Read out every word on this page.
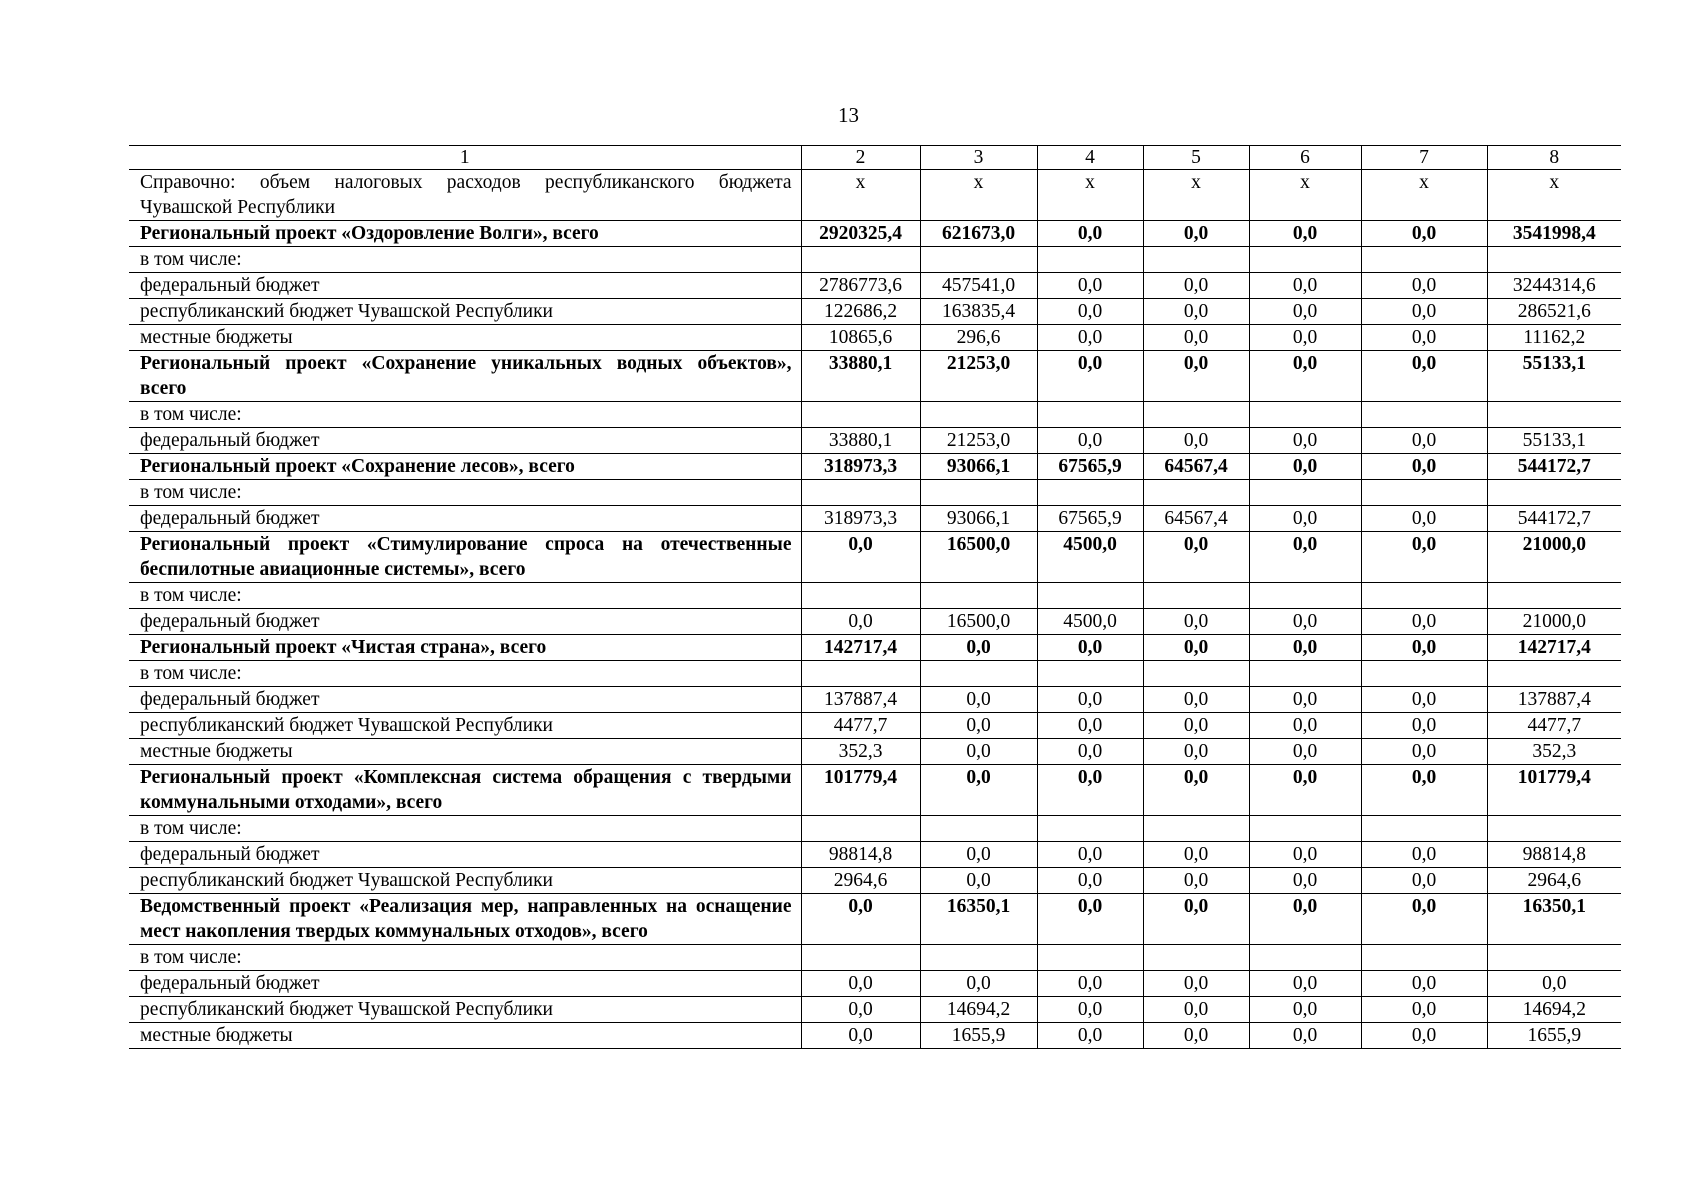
13
1	2	3	4	5	6	7	8
Справочно: объем налоговых расходов республиканского бюджета Чувашской Республики	х	х	х	х	х	х	х
Региональный проект «Оздоровление Волги», всего	2920325,4	621673,0	0,0	0,0	0,0	0,0	3541998,4
в том числе:							
федеральный бюджет	2786773,6	457541,0	0,0	0,0	0,0	0,0	3244314,6
республиканский бюджет Чувашской Республики	122686,2	163835,4	0,0	0,0	0,0	0,0	286521,6
местные бюджеты	10865,6	296,6	0,0	0,0	0,0	0,0	11162,2
Региональный проект «Сохранение уникальных водных объектов», всего	33880,1	21253,0	0,0	0,0	0,0	0,0	55133,1
в том числе:							
федеральный бюджет	33880,1	21253,0	0,0	0,0	0,0	0,0	55133,1
Региональный проект «Сохранение лесов», всего	318973,3	93066,1	67565,9	64567,4	0,0	0,0	544172,7
в том числе:							
федеральный бюджет	318973,3	93066,1	67565,9	64567,4	0,0	0,0	544172,7
Региональный проект «Стимулирование спроса на отечественные беспилотные авиационные системы», всего	0,0	16500,0	4500,0	0,0	0,0	0,0	21000,0
в том числе:							
федеральный бюджет	0,0	16500,0	4500,0	0,0	0,0	0,0	21000,0
Региональный проект «Чистая страна», всего	142717,4	0,0	0,0	0,0	0,0	0,0	142717,4
в том числе:							
федеральный бюджет	137887,4	0,0	0,0	0,0	0,0	0,0	137887,4
республиканский бюджет Чувашской Республики	4477,7	0,0	0,0	0,0	0,0	0,0	4477,7
местные бюджеты	352,3	0,0	0,0	0,0	0,0	0,0	352,3
Региональный проект «Комплексная система обращения с твердыми коммунальными отходами», всего	101779,4	0,0	0,0	0,0	0,0	0,0	101779,4
в том числе:							
федеральный бюджет	98814,8	0,0	0,0	0,0	0,0	0,0	98814,8
республиканский бюджет Чувашской Республики	2964,6	0,0	0,0	0,0	0,0	0,0	2964,6
Ведомственный проект «Реализация мер, направленных на оснащение мест накопления твердых коммунальных отходов», всего	0,0	16350,1	0,0	0,0	0,0	0,0	16350,1
в том числе:							
федеральный бюджет	0,0	0,0	0,0	0,0	0,0	0,0	0,0
республиканский бюджет Чувашской Республики	0,0	14694,2	0,0	0,0	0,0	0,0	14694,2
местные бюджеты	0,0	1655,9	0,0	0,0	0,0	0,0	1655,9
